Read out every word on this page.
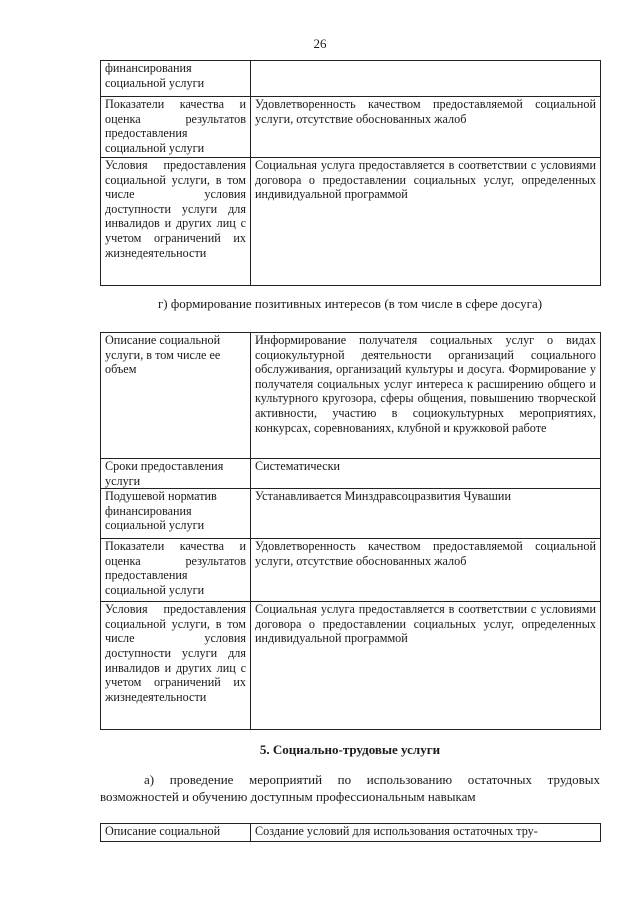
26
финансирования социальной услуги	
Показатели качества и оценка результатов предоставления социальной услуги	Удовлетворенность качеством предоставляемой социальной услуги, отсутствие обоснованных жалоб
Условия предоставления социальной услуги, в том числе условия доступности услуги для инвалидов и других лиц с учетом ограничений их жизнедеятельности	Социальная услуга предоставляется в соответствии с условиями договора о предоставлении социальных услуг, определенных индивидуальной программой
г) формирование позитивных интересов (в том числе в сфере досуга)
Описание социальной услуги, в том числе ее объем	Информирование получателя социальных услуг о видах социокультурной деятельности организаций социального обслуживания, организаций культуры и досуга. Формирование у получателя социальных услуг интереса к расширению общего и культурного кругозора, сферы общения, повышению творческой активности, участию в социокультурных мероприятиях, конкурсах, соревнованиях, клубной и кружковой работе
Сроки предоставления услуги	Систематически
Подушевой норматив финансирования социальной услуги	Устанавливается Минздравсоцразвития Чувашии
Показатели качества и оценка результатов предоставления социальной услуги	Удовлетворенность качеством предоставляемой социальной услуги, отсутствие обоснованных жалоб
Условия предоставления социальной услуги, в том числе условия доступности услуги для инвалидов и других лиц с учетом ограничений их жизнедеятельности	Социальная услуга предоставляется в соответствии с условиями договора о предоставлении социальных услуг, определенных индивидуальной программой
5. Социально-трудовые услуги
а) проведение мероприятий по использованию остаточных трудовых возможностей и обучению доступным профессиональным навыкам
Описание социальной	Создание условий для использования остаточных тру-
